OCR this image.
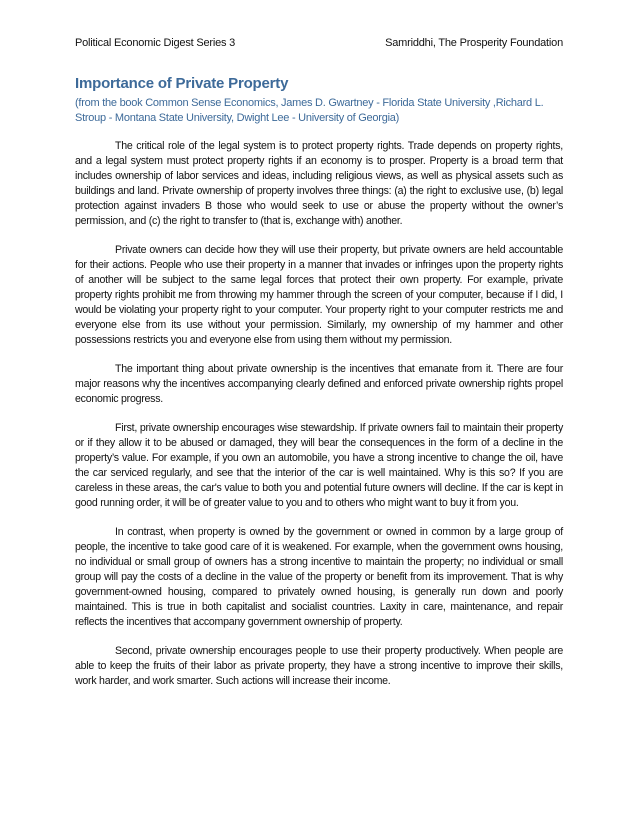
Political Economic Digest Series 3	Samriddhi, The Prosperity Foundation
Importance of Private Property
(from the book Common Sense Economics, James D. Gwartney - Florida State University ,Richard L. Stroup - Montana State University, Dwight Lee - University of Georgia)

The critical role of the legal system is to protect property rights. Trade depends on property rights, and a legal system must protect property rights if an economy is to prosper. Property is a broad term that includes ownership of labor services and ideas, including religious views, as well as physical assets such as buildings and land. Private ownership of property involves three things: (a) the right to exclusive use, (b) legal protection against invaders B those who would seek to use or abuse the property without the owner’s permission, and (c) the right to transfer to (that is, exchange with) another.

Private owners can decide how they will use their property, but private owners are held accountable for their actions. People who use their property in a manner that invades or infringes upon the property rights of another will be subject to the same legal forces that protect their own property. For example, private property rights prohibit me from throwing my hammer through the screen of your computer, because if I did, I would be violating your property right to your computer. Your property right to your computer restricts me and everyone else from its use without your permission. Similarly, my ownership of my hammer and other possessions restricts you and everyone else from using them without my permission.

The important thing about private ownership is the incentives that emanate from it. There are four major reasons why the incentives accompanying clearly defined and enforced private ownership rights propel economic progress.

First, private ownership encourages wise stewardship. If private owners fail to maintain their property or if they allow it to be abused or damaged, they will bear the consequences in the form of a decline in the property’s value. For example, if you own an automobile, you have a strong incentive to change the oil, have the car serviced regularly, and see that the interior of the car is well maintained. Why is this so? If you are careless in these areas, the car's value to both you and potential future owners will decline. If the car is kept in good running order, it will be of greater value to you and to others who might want to buy it from you.

In contrast, when property is owned by the government or owned in common by a large group of people, the incentive to take good care of it is weakened. For example, when the government owns housing, no individual or small group of owners has a strong incentive to maintain the property; no individual or small group will pay the costs of a decline in the value of the property or benefit from its improvement. That is why government-owned housing, compared to privately owned housing, is generally run down and poorly maintained. This is true in both capitalist and socialist countries. Laxity in care, maintenance, and repair reflects the incentives that accompany government ownership of property.

Second, private ownership encourages people to use their property productively. When people are able to keep the fruits of their labor as private property, they have a strong incentive to improve their skills, work harder, and work smarter. Such actions will increase their income.
